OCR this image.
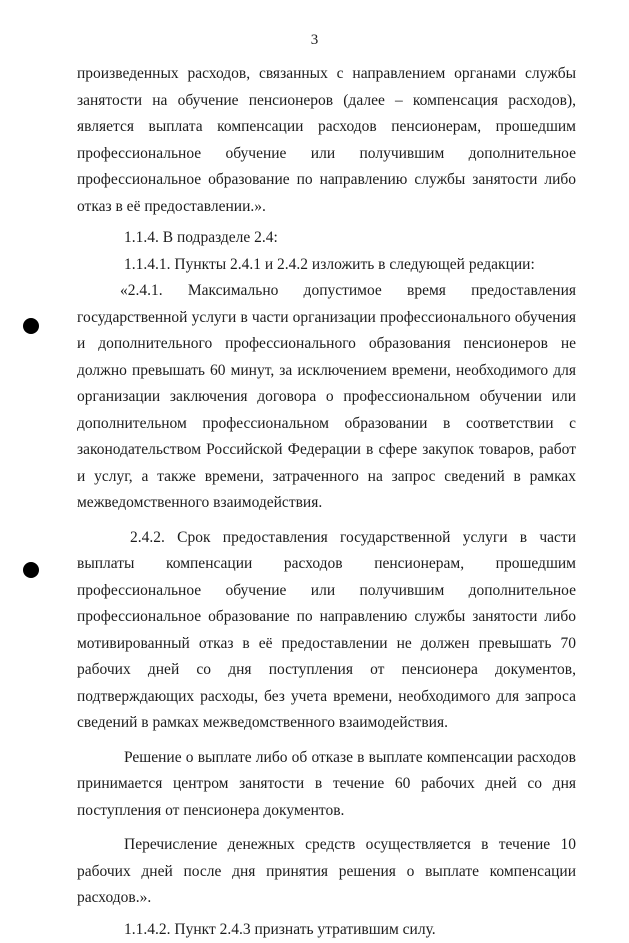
3

произведенных расходов, связанных с направлением органами службы занятости на обучение пенсионеров (далее – компенсация расходов), является выплата компенсации расходов пенсионерам, прошедшим профессиональное обучение или получившим дополнительное профессиональное образование по направлению службы занятости либо отказ в её предоставлении.».

1.1.4. В подразделе 2.4:

1.1.4.1. Пункты 2.4.1 и 2.4.2 изложить в следующей редакции:

«2.4.1. Максимально допустимое время предоставления государственной услуги в части организации профессионального обучения и дополнительного профессионального образования пенсионеров не должно превышать 60 минут, за исключением времени, необходимого для организации заключения договора о профессиональном обучении или дополнительном профессиональном образовании в соответствии с законодательством Российской Федерации в сфере закупок товаров, работ и услуг, а также времени, затраченного на запрос сведений в рамках межведомственного взаимодействия.

2.4.2. Срок предоставления государственной услуги в части выплаты компенсации расходов пенсионерам, прошедшим профессиональное обучение или получившим дополнительное профессиональное образование по направлению службы занятости либо мотивированный отказ в её предоставлении не должен превышать 70 рабочих дней со дня поступления от пенсионера документов, подтверждающих расходы, без учета времени, необходимого для запроса сведений в рамках межведомственного взаимодействия.

Решение о выплате либо об отказе в выплате компенсации расходов принимается центром занятости в течение 60 рабочих дней со дня поступления от пенсионера документов.

Перечисление денежных средств осуществляется в течение 10 рабочих дней после дня принятия решения о выплате компенсации расходов.».

1.1.4.2. Пункт 2.4.3 признать утратившим силу.
